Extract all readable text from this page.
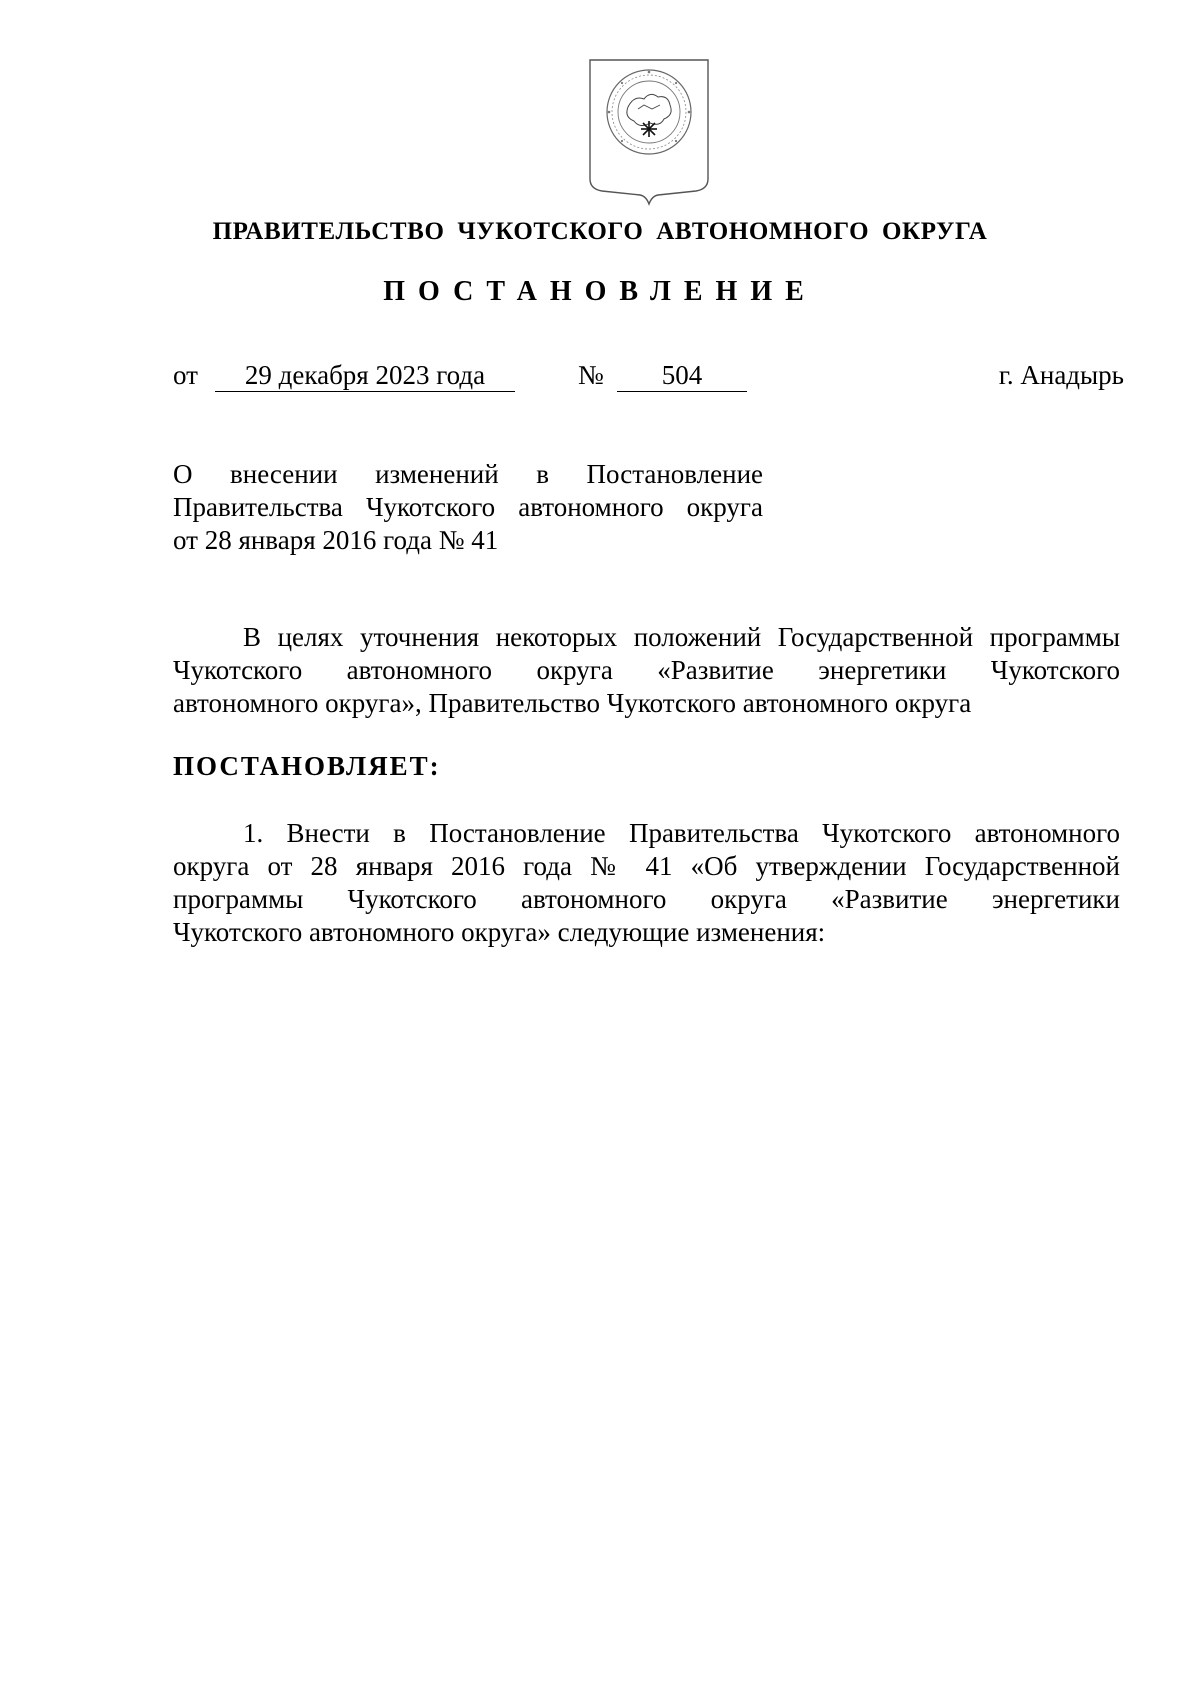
ПРАВИТЕЛЬСТВО ЧУКОТСКОГО АВТОНОМНОГО ОКРУГА
ПОСТАНОВЛЕНИЕ
от	29 декабря 2023 года	№	504	г. Анадырь
О внесении изменений в Постановление
Правительства Чукотского автономного округа
от 28 января 2016 года № 41
В целях уточнения некоторых положений Государственной программы
Чукотского автономного округа «Развитие энергетики Чукотского
автономного округа», Правительство Чукотского автономного округа
ПОСТАНОВЛЯЕТ:
1. Внести в Постановление Правительства Чукотского автономного
округа от 28 января 2016 года № 41 «Об утверждении Государственной
программы Чукотского автономного округа «Развитие энергетики
Чукотского автономного округа» следующие изменения:
